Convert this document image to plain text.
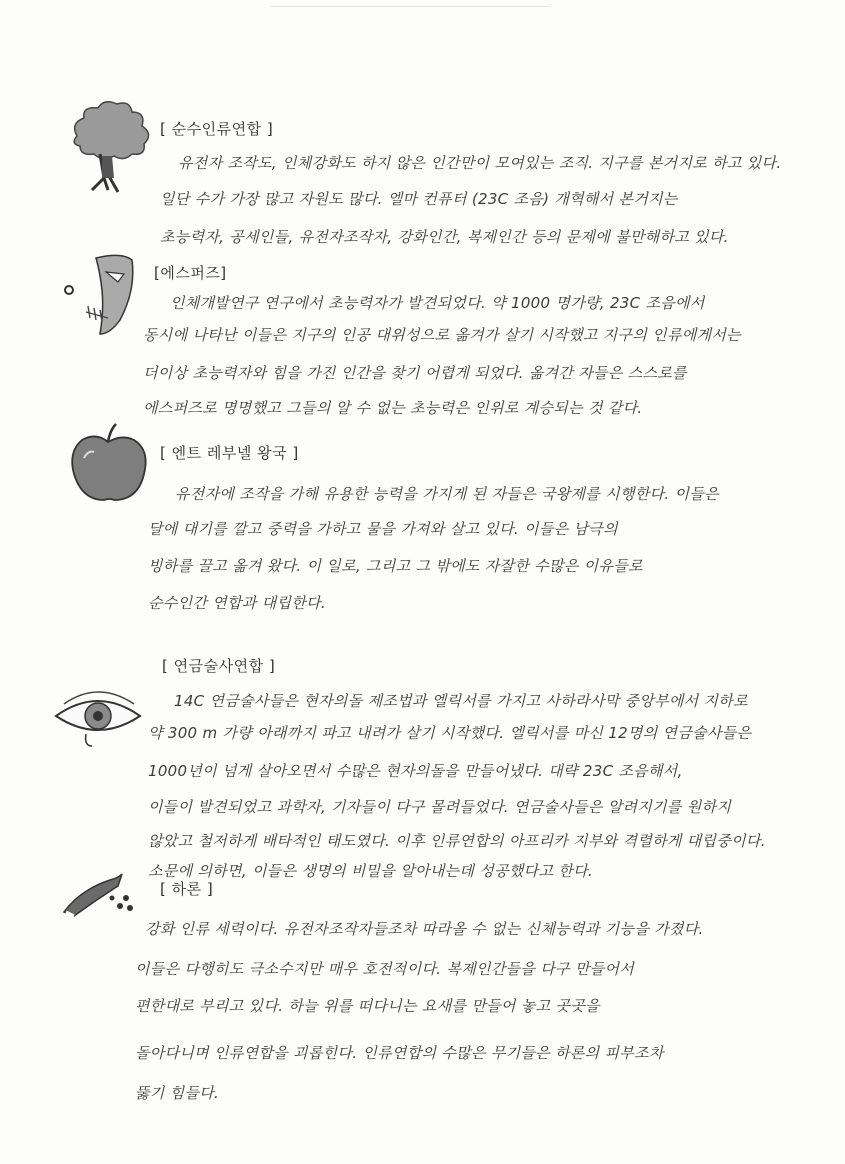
[ 순수인류연합 ]
유전자 조작도, 인체강화도 하지 않은 인간만이 모여있는 조직. 지구를 본거지로 하고 있다.
일단 수가 가장 많고 자원도 많다. 엘마 컨퓨터 (23C 조음) 개혁해서 본거지는
초능력자, 공세인들, 유전자조작자, 강화인간, 복제인간 등의 문제에 불만해하고 있다.
[에스퍼즈]
인체개발연구 연구에서 초능력자가 발견되었다. 약 1000 명가량, 23C 조음에서
동시에 나타난 이들은 지구의 인공 대위성으로 옮겨가 살기 시작했고 지구의 인류에게서는
더이상 초능력자와 힘을 가진 인간을 찾기 어렵게 되었다. 옮겨간 자들은 스스로를
에스퍼즈로 명명했고 그들의 알 수 없는 초능력은 인위로 계승되는 것 같다.
[ 엔트 레부넬 왕국 ]
유전자에 조작을 가해 유용한 능력을 가지게 된 자들은 국왕제를 시행한다. 이들은
달에 대기를 깔고 중력을 가하고 물을 가져와 살고 있다. 이들은 남극의
빙하를 끌고 옮겨 왔다. 이 일로, 그리고 그 밖에도 자잘한 수많은 이유들로
순수인간 연합과 대립한다.
[ 연금술사연합 ]
14C 연금술사들은 현자의돌 제조법과 엘릭서를 가지고 사하라사막 중앙부에서 지하로
약 300 m 가량 아래까지 파고 내려가 살기 시작했다. 엘릭서를 마신 12명의 연금술사들은
1000년이 넘게 살아오면서 수많은 현자의돌을 만들어냈다. 대략 23C 조음해서,
이들이 발견되었고 과학자, 기자들이 다구 몰려들었다. 연금술사들은 알려지기를 원하지
않았고 철저하게 배타적인 태도였다. 이후 인류연합의 아프리카 지부와 격렬하게 대립중이다.
소문에 의하면, 이들은 생명의 비밀을 알아내는데 성공했다고 한다.
[ 하론 ]
강화 인류 세력이다. 유전자조작자들조차 따라올 수 없는 신체능력과 기능을 가졌다.
이들은 다행히도 극소수지만 매우 호전적이다. 복제인간들을 다구 만들어서
편한대로 부리고 있다. 하늘 위를 떠다니는 요새를 만들어 놓고 곳곳을
돌아다니며 인류연합을 괴롭힌다. 인류연합의 수많은 무기들은 하론의 피부조차
뚫기 힘들다.
